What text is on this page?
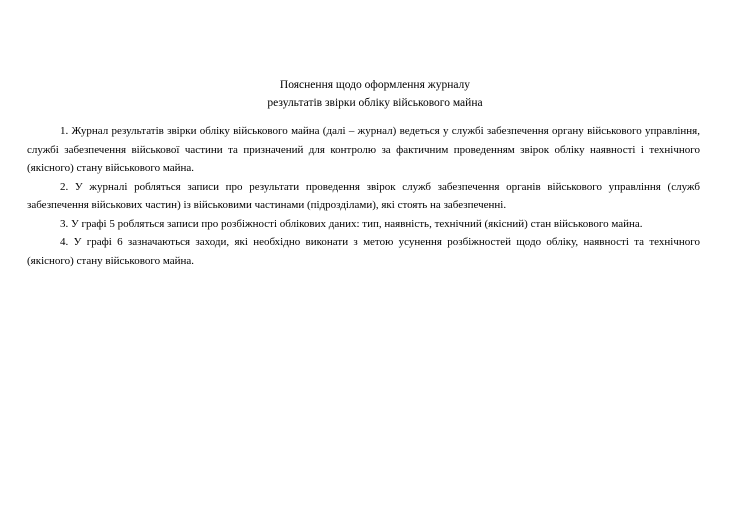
Пояснення щодо оформлення журналу
результатів звірки обліку військового майна

1. Журнал результатів звірки обліку військового майна (далі – журнал) ведеться у службі забезпечення органу військового управління, службі забезпечення військової частини та призначений для контролю за фактичним проведенням звірок обліку наявності і технічного (якісного) стану військового майна.

2. У журналі робляться записи про результати проведення звірок служб забезпечення органів військового управління (служб забезпечення військових частин) із військовими частинами (підрозділами), які стоять на забезпеченні.

3. У графі 5 робляться записи про розбіжності облікових даних: тип, наявність, технічний (якісний) стан військового майна.

4. У графі 6 зазначаються заходи, які необхідно виконати з метою усунення розбіжностей щодо обліку, наявності та технічного (якісного) стану військового майна.
